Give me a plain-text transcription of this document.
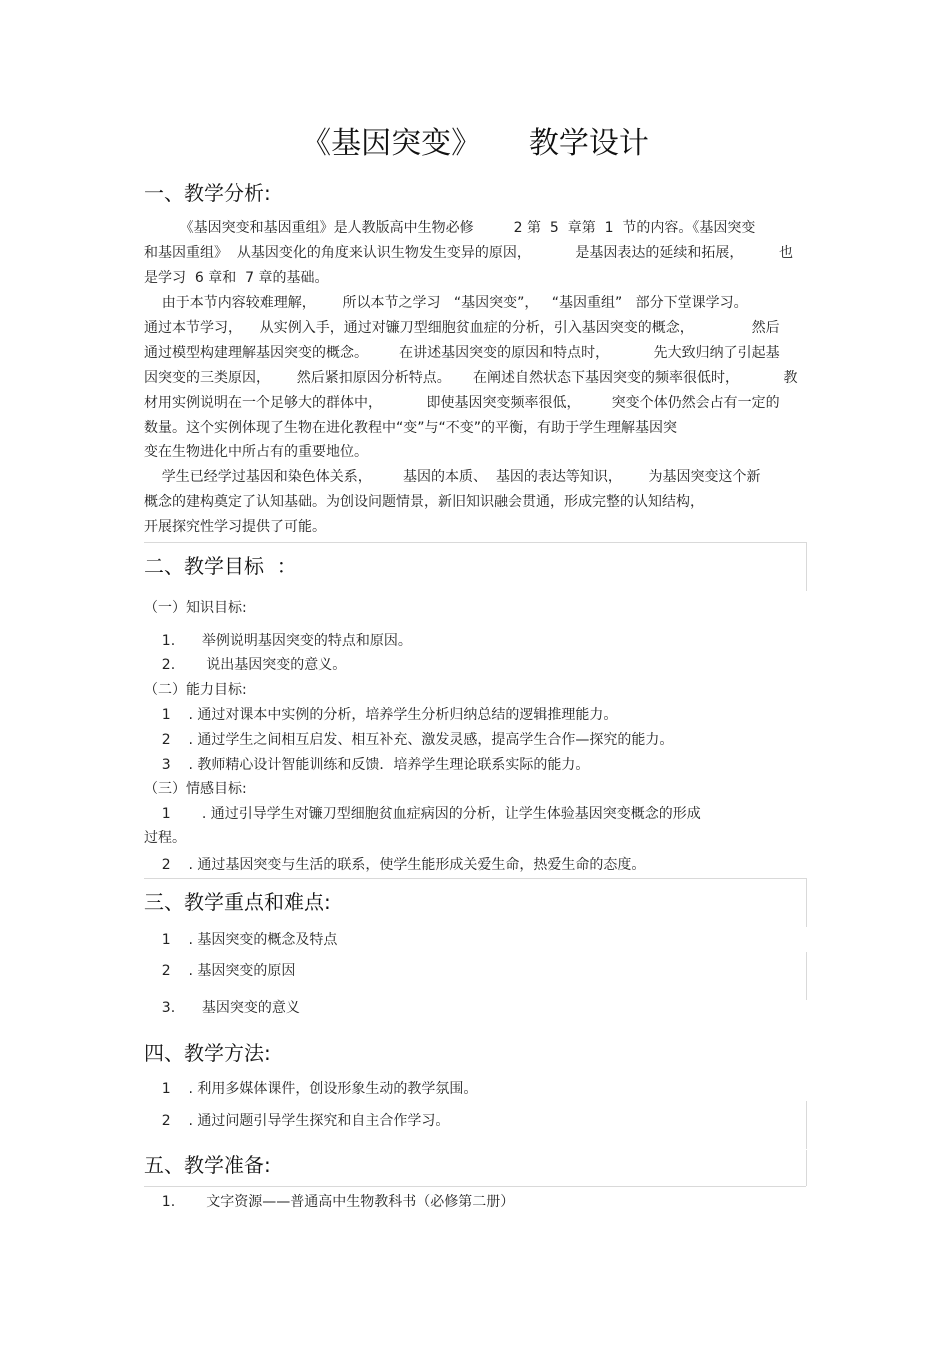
《基因突变》     教学设计
一、教学分析:
《基因突变和基因重组》是人教版高中生物必修         2 第  5  章第  1  节的内容。《基因突变
和基因重组》  从基因变化的角度来认识生物发生变异的原因，          是基因表达的延续和拓展，        也
是学习  6 章和  7 章的基础。
由于本节内容较难理解，      所以本节之学习   “基因突变”，   “基因重组”   部分下堂课学习。
通过本节学习，    从实例入手，通过对镰刀型细胞贫血症的分析，引入基因突变的概念，             然后
通过模型构建理解基因突变的概念。       在讲述基因突变的原因和特点时，          先大致归纳了引起基
因突变的三类原因，      然后紧扣原因分析特点。     在阐述自然状态下基因突变的频率很低时，          教
材用实例说明在一个足够大的群体中，          即使基因突变频率很低，       突变个体仍然会占有一定的
数量。这个实例体现了生物在进化教程中“变”与“不变”的平衡，有助于学生理解基因突
变在生物进化中所占有的重要地位。
学生已经学过基因和染色体关系，       基因的本质、  基因的表达等知识，      为基因突变这个新
概念的建构奠定了认知基础。为创设问题情景，新旧知识融会贯通，形成完整的认知结构，
开展探究性学习提供了可能。
二、教学目标  ：
（一）知识目标:
1.      举例说明基因突变的特点和原因。
2.       说出基因突变的意义。
（二）能力目标:
1    . 通过对课本中实例的分析，培养学生分析归纳总结的逻辑推理能力。
2    . 通过学生之间相互启发、相互补充、激发灵感，提高学生合作—探究的能力。
3    . 教师精心设计智能训练和反馈．培养学生理论联系实际的能力。
（三）情感目标:
1       . 通过引导学生对镰刀型细胞贫血症病因的分析，让学生体验基因突变概念的形成
过程。
2    . 通过基因突变与生活的联系，使学生能形成关爱生命，热爱生命的态度。
三、教学重点和难点:
1    . 基因突变的概念及特点
2    . 基因突变的原因
3.      基因突变的意义
四、教学方法:
1    . 利用多媒体课件，创设形象生动的教学氛围。
2    . 通过问题引导学生探究和自主合作学习。
五、教学准备:
1.       文字资源——普通高中生物教科书（必修第二册）
